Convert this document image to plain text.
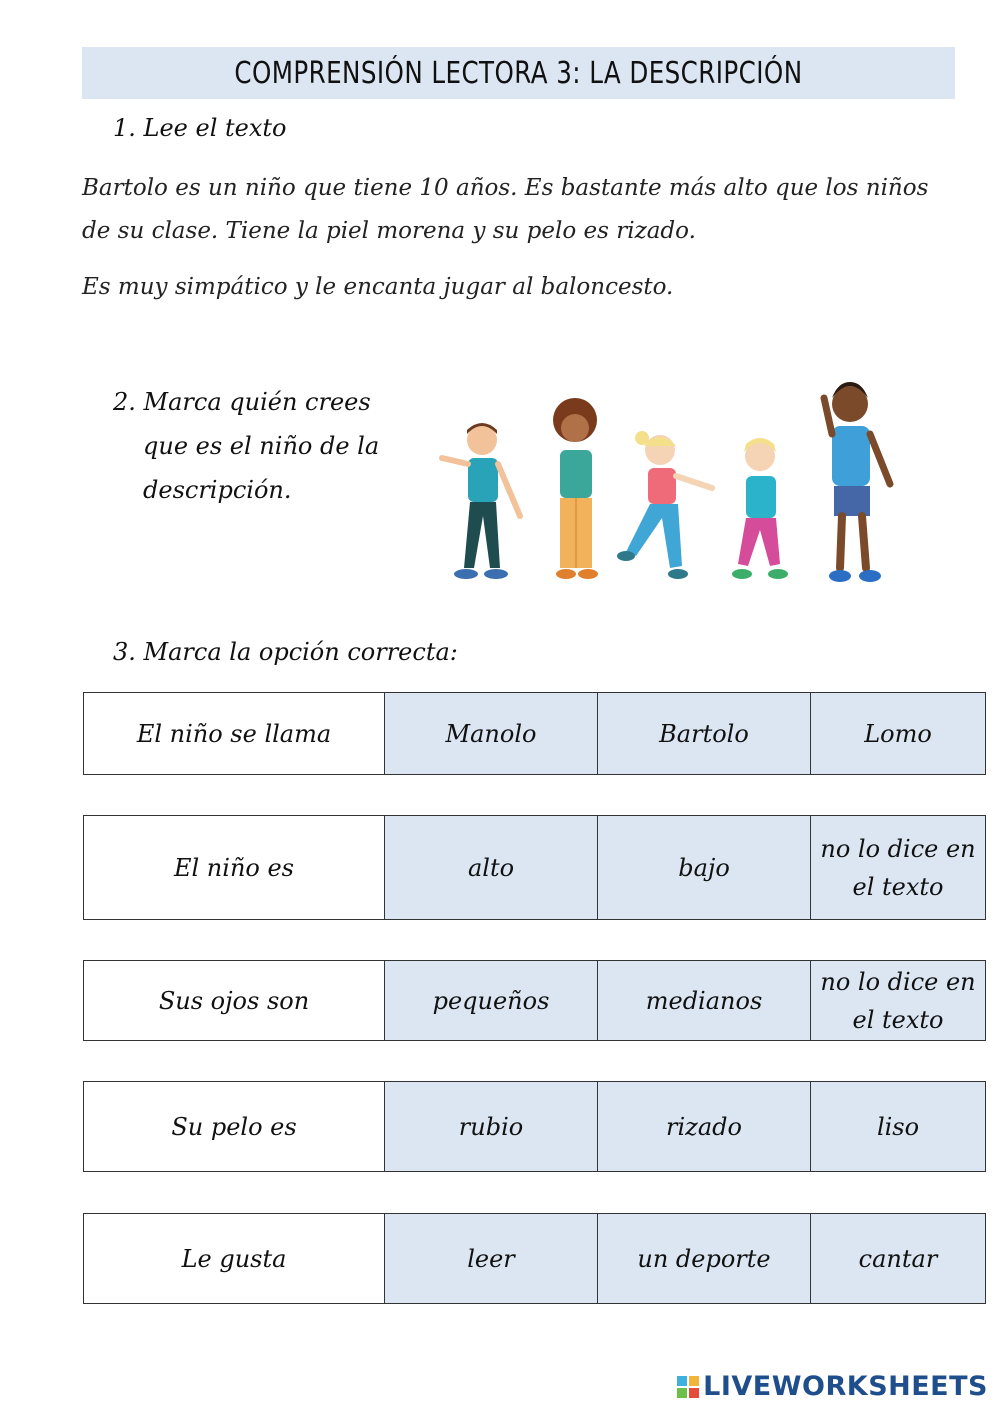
COMPRENSIÓN LECTORA 3: LA DESCRIPCIÓN
1. Lee el texto
Bartolo es un niño que tiene 10 años. Es bastante más alto que los niños de su clase. Tiene la piel morena y su pelo es rizado.
Es muy simpático y le encanta jugar al baloncesto.
2. Marca quién crees
que es el niño de la
descripción.
3. Marca la opción correcta:
El niño se llama	Manolo	Bartolo	Lomo
El niño es	alto	bajo	no lo dice en el texto
Sus ojos son	pequeños	medianos	no lo dice en el texto
Su pelo es	rubio	rizado	liso
Le gusta	leer	un deporte	cantar
LIVEWORKSHEETS
